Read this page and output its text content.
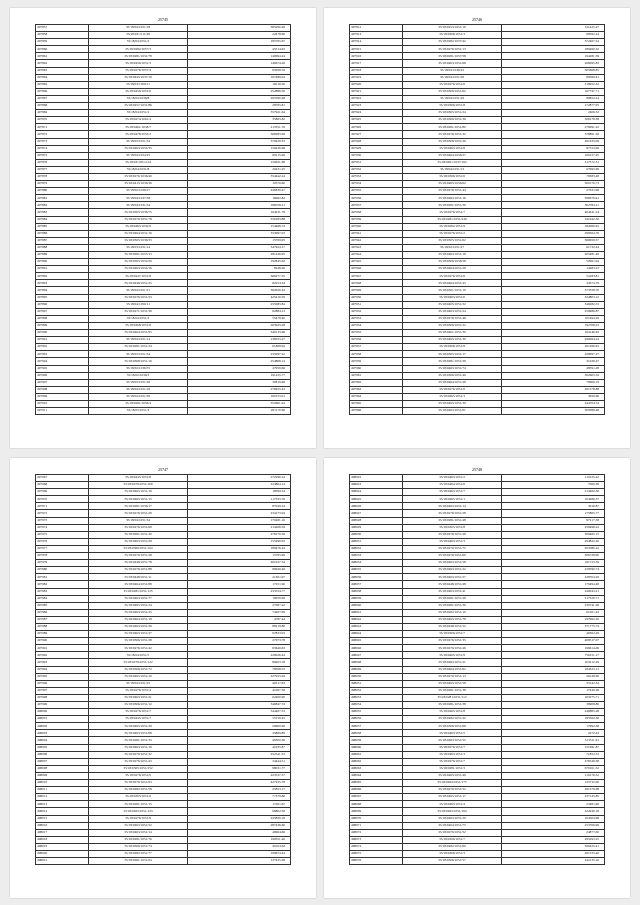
25745
497857	35/18/04/1051/18	385290.48
497858	35/18/03/1111/49	22478.60
497859	35/18/04/1051/2	185765.67
497860	35/18/0282/1057/3	45514.63
497861	35/18/0281/1031/78	140094.24
497862	35/18/0459/1051/3	146674.26
497863	35/18/0276/1057/4	65658.76
497864	35/18/0445/1037/19	167489.04
497865	35/18/03/1056/11	16516.50
497866	35/18/0459/1051/6	252886.50
497867	35/18/04/1036/8	265590.48
497868	35/18/0457/1031/86	28765.81
497869	35/18/04/1051/4	357921.64
497870	35/18/0274/1061/4	35865.82
497871	35/18/0461/1038/7	213351.76
497872	35/18/0478/1055/2	368283.09
497873	35/18/03/1051/34	379429.33
497874	35/18/0463/1054/35	150436.98
497875	35/18/04/1054/25	69115.06
497876	35/18/03/1051/124	150621.68
497877	35/18/04/1031/8	20431.25
497878	35/18/0276/1036/40	354442.24
497879	35/18/0415/1036/36	10576.60
497880	35/18/02/1036/27	240839.47
497881	35/18/04/1037/58	16962.84
497882	35/18/04/1031/34	186558.21
497883	35/18/0305/1036/75	164231.79
497884	35/18/0276/1051/78	350183.88
497885	35/18/0465/1032/9	154468.74
497886	35/18/0464/1031/16	353997.03
497887	35/18/0305/1036/33	15769.95
497888	35/18/03/1051/14	347924.17
497889	35/18/0281/1055/13	281446.95
497890	35/18/0305/1052/29	192845.62
497891	35/18/0463/1054/16	8248.26
497892	35/18/0447/1051/8	366277.55
497893	35/18/0448/1051/25	82254.34
497894	35/18/04/1051/21	392650.44
497895	35/18/0276/1051/53	425419.29
497896	35/18/04/1056/11	255083.84
497897	35/18/0271/1031/36	62884.13
497898	35/18/04/1051/2	55478.40
497899	35/18/0308/1051/6	263943.28
497900	35/18/0464/1051/95	349133.66
497901	35/18/04/1051/14	138353.27
497902	35/18/0281/1051/24	61868.92
497903	35/18/03/1051/34	235097.22
497904	35/18/0308/1051/16	254868.14
497905	35/18/02/1036/55	47956.66
497906	35/18/02/1036/3	191225.77
497907	35/18/03/1051/36	30819.48
497908	35/18/04/1051/18	278455.43
497909	35/18/02/1051/39	160153.91
497910	35/18/0281/1056/4	352601.04
497911	35/18/03/1051/3	261170.60
25746
497912	35/18/0253/1051/16	311425.27
497913	35/18/0306/1051/3	68592.24
497914	35/18/0282/1037/42	372467.24
497915	35/18/0276/1051/13	180460.32
497916	35/18/0281/1057/58	194281.59
497917	35/18/0463/1051/68	266095.83
497918	35/18/04/1036/22	305668.85
497919	35/18/04/1051/26	69569.61
497920	35/18/0276/1051/6	316952.22
497921	35/18/0306/1051/62	167747.71
497922	35/18/04/1051/29	89852.24
497923	35/18/0306/1051/8	172877.95
497924	35/18/0305/1051/24	2406.52
497925	35/18/0306/1051/36	308178.38
497926	35/18/0281/1051/80	276091.22
497927	35/18/0276/1051/32	378891.39
497928	35/18/0308/1051/20	201635.09
497929	35/18/0463/1051/8	87723.09
497930	35/18/0464/1036/27	106157.45
497931	35/18/0401/1037/162	317572.31
497932	35/18/04/1051/13	67995.69
497933	35/18/0306/1051/6	79583.48
497934	35/18/0465/1056/62	300176.73
497935	35/18/0276/1051/44	27631.98
497936	35/18/0463/1051/16	396076.91
497937	35/18/0281/1051/30	302784.21
497938	35/18/0276/1051/7	404341.54
497939	35/18/0281/1051/240	341942.36
497940	35/18/0282/1051/9	182069.45
497941	35/18/0276/1051/2	299564.76
497942	35/18/0305/1051/62	369659.57
497943	35/18/02/1051/27	61732.24
497944	35/18/0403/1051/18	205481.49
497945	35/18/0306/1036/58	52961.94
497946	35/18/0464/1051/28	14483.23
497947	35/18/0276/1051/6	54183.81
497948	35/18/0464/1051/43	34574.79
497949	35/18/0301/1051/19	373558.76
497950	35/18/0463/1051/6	324803.12
497951	35/18/0405/1051/32	349282.53
497952	35/18/0463/1051/24	259986.87
497953	35/18/0276/1051/48	101494.29
497954	35/18/0306/1051/22	192708.23
497955	35/18/0401/1051/30	164146.63
497956	35/18/0405/1051/30	290064.24
497957	35/18/0306/1051/8	201296.93
497958	35/18/0305/1051/17	228097.27
497959	35/18/0281/1051/36	31036.27
497960	35/18/0463/1051/74	48591.28
497961	35/18/0306/1051/40	302603.34
497962	35/18/0464/1051/28	79906.19
497963	35/18/0276/1051/6	261578.88
497964	35/18/0465/1051/3	3659.60
497965	35/18/0465/1051/39	244704.74
497966	35/18/0463/1051/61	305089.48
25747
497967	35/18/0445/1051/8	272290.24
497968	35/18/0276/1051/100	224804.14
497969	35/18/0465/1051/16	18399.34
497970	35/18/0465/1051/15	117333.76
497971	35/18/0281/1036/17	87049.24
497972	35/18/0276/1051/29	234173.94
497973	35/18/04/1051/34	170481.16
497974	35/18/0276/1051/69	214268.59
497975	35/18/0281/1051/20	278179.36
497976	35/18/0463/1051/29	155490.93
497977	35/18/0306/1051/104	189476.44
497978	35/18/0276/1051/28	15765.99
497979	35/18/0448/1051/78	461027.34
497980	35/18/0276/1051/88	90940.46
497981	35/18/0448/1051/11	21361.97
497982	35/18/0464/1051/68	17251.90
497983	35/18/0281/1051/125	233554.77
497984	35/18/0463/1051/77	10956.60
497985	35/18/0465/1051/24	27087.22
497986	35/18/0463/1051/25	74267.09
497987	35/18/0464/1051/18	4787.44
497988	35/18/0463/1051/26	88219.86
497989	35/18/0463/1051/37	97833.03
497990	35/18/0306/1051/28	27673.78
497991	35/18/0276/1051/42	63646.63
497992	35/18/04/1051/5	229026.44
497993	35/18/0276/1051/122	89403.18
497994	35/18/0306/1051/72	78598.53
497995	35/18/0465/1051/10	227923.64
497996	35/18/04/1051/25	40317.63
497997	35/18/0276/1051/4	41067.56
497998	35/18/0463/1051/21	62400.90
497999	35/18/0306/1051/12	346847.74
498000	35/18/0276/1051/7	344407.53
498001	35/18/0445/1051/7	55156.45
498002	35/18/0465/1051/29	29600.60
498003	35/18/0463/1051/68	35869.89
498004	35/18/0281/1051/33	49300.36
498005	35/18/0463/1051/16	41935.87
498006	35/18/0276/1051/32	252541.53
498007	35/18/0276/1051/43	34444.51
498008	35/18/0305/1051/252	98031.77
498009	35/18/0276/1051/9	223537.37
498010	35/18/0276/1051/63	427455.78
498011	35/18/0282/1051/58	25853.17
498012	35/18/0305/1051/6	77379.86
498013	35/18/0281/1051/15	17261.67
498014	35/18/0463/1051/123	96802.36
498015	35/18/0276/1051/9	245859.18
498016	35/18/0463/1051/52	287436.60
498017	35/18/0463/1051/14	49964.66
498018	35/18/0281/1051/76	199351.46
498019	35/18/0306/1051/74	49104.62
498020	35/18/0282/1051/77	199674.44
498021	35/18/0281/1051/64	137435.38
25748
498022	35/18/0463/1051/2	110125.22
498023	35/18/0464/1051/6	7009.39
498024	35/18/0463/1051/7	214460.30
498025	35/18/0465/1051/1	104286.37
498026	35/18/0463/1051/14	3616.87
498027	35/18/0276/1051/28	175865.77
498028	35/18/0281/1051/48	97217.58
498029	35/18/0305/1051/8	259498.22
498030	35/18/0276/1051/28	309465.15
498031	35/18/0463/1051/3	294822.20
498032	35/18/0276/1051/75	203580.22
498033	35/18/0276/1051/60	306728.90
498034	35/18/0463/1051/58	161723.39
498035	35/18/0463/1051/22	229590.74
498036	35/18/0463/1051/27	228704.29
498037	35/18/0448/1051/48	176494.48
498038	35/18/0463/1051/41	240043.21
498039	35/18/0281/1051/28	217529.71
498040	35/18/0281/1051/36	230741.28
498041	35/18/0282/1051/10	61201.43
498042	35/18/0465/1051/78	197962.20
498043	35/18/0448/1051/52	371775.74
498044	35/18/0306/1051/7	46362.29
498045	35/18/0276/1051/35	408517.07
498046	35/18/0276/1051/46	196614.06
498047	35/18/0465/1051/9	756151.17
498048	35/18/0463/1051/21	103212.29
498049	35/18/0464/1051/62	184323.13
498050	35/18/0276/1051/13	26128.60
498051	35/18/0465/1051/58	33142.34
498052	35/18/0281/1051/38	17440.28
498053	35/18/0281/1051/112	103275.71
498054	35/18/0281/1051/38	36908.80
498055	35/18/0465/1051/8	240865.28
498056	35/18/0282/1051/22	185564.36
498057	35/18/0306/1051/68	17992.38
498058	35/18/0463/1051/5	2272.43
498059	35/18/0463/1051/55	313311.61
498060	35/18/0276/1051/7	151691.87
498061	35/18/0463/1051/3	71852.53
498062	35/18/0276/1051/7	276549.58
498063	35/18/0281/1051/3	670101.52
498064	35/18/0465/1051/49	119176.32
498065	35/18/0464/1051/175	125732.06
498066	35/18/0276/1051/52	261379.68
498067	35/18/0465/1051/17	237143.85
498068	35/18/0463/1051/4	23481.66
498069	35/18/0463/1051/164	222040.18
498070	35/18/0463/1051/20	104504.98
498071	35/18/0464/1051/75	253706.99
498072	35/18/0276/1051/52	24877.00
498073	35/18/0306/1051/7	295293.25
498074	35/18/0282/1051/69	306425.41
498075	35/18/0306/1051/3	201533.46
498076	35/18/0306/1051/57	242135.16
